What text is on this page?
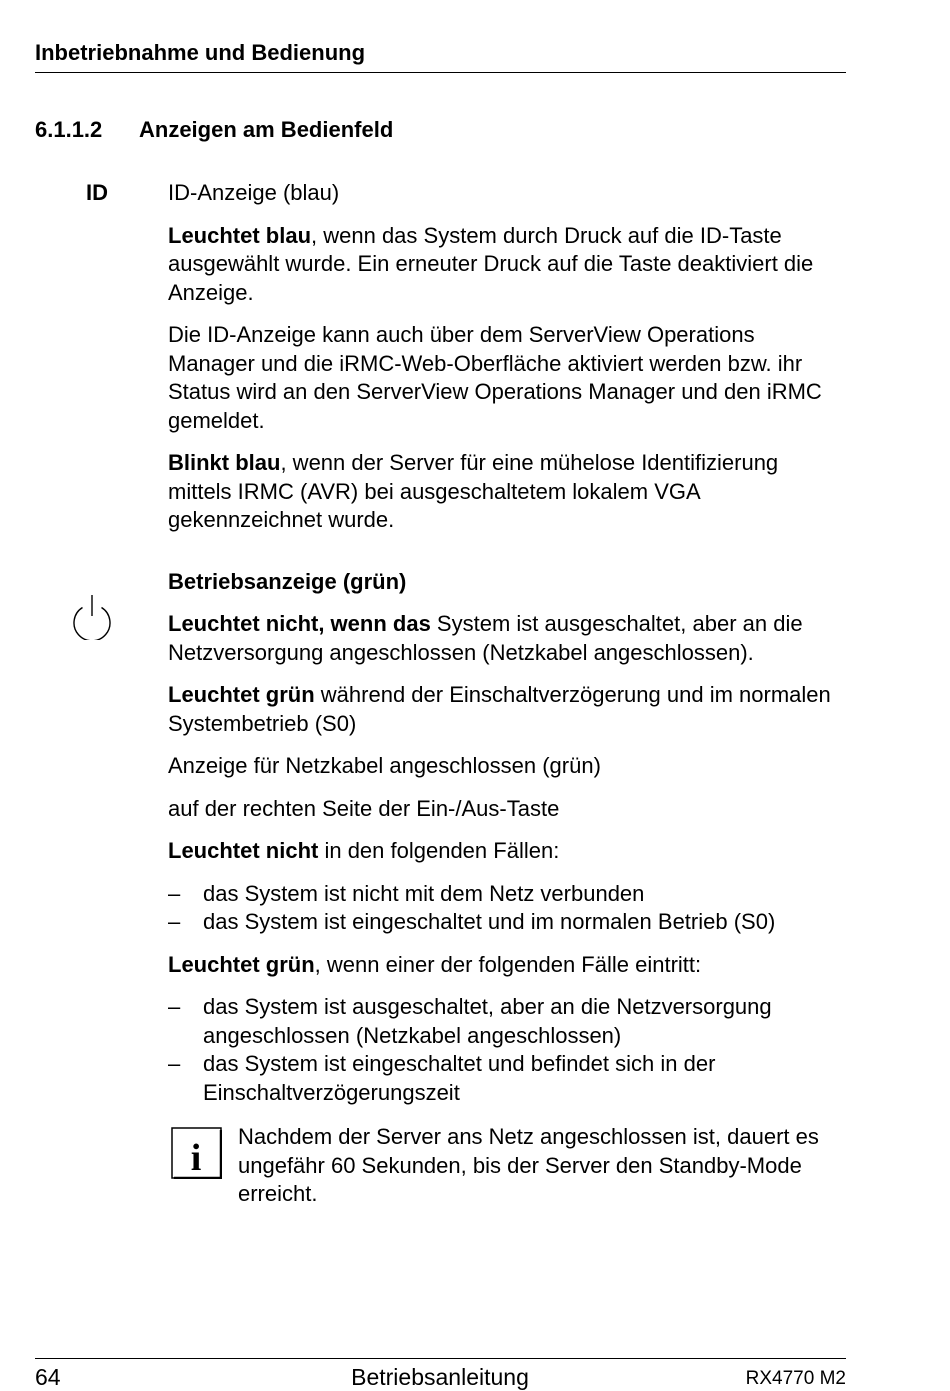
Inbetriebnahme und Bedienung
6.1.1.2 Anzeigen am Bedienfeld
ID	ID-Anzeige (blau)

Leuchtet blau, wenn das System durch Druck auf die ID-Taste ausgewählt wurde. Ein erneuter Druck auf die Taste deaktiviert die Anzeige.

Die ID-Anzeige kann auch über dem ServerView Operations Manager und die iRMC-Web-Oberfläche aktiviert werden bzw. ihr Status wird an den ServerView Operations Manager und den iRMC gemeldet.

Blinkt blau, wenn der Server für eine mühelose Identifizierung mittels IRMC (AVR) bei ausgeschaltetem lokalem VGA gekennzeichnet wurde.

Betriebsanzeige (grün)

Leuchtet nicht, wenn das System ist ausgeschaltet, aber an die Netzversorgung angeschlossen (Netzkabel angeschlossen).

Leuchtet grün während der Einschaltverzögerung und im normalen Systembetrieb (S0)

Anzeige für Netzkabel angeschlossen (grün)

auf der rechten Seite der Ein-/Aus-Taste

Leuchtet nicht in den folgenden Fällen:

– das System ist nicht mit dem Netz verbunden
– das System ist eingeschaltet und im normalen Betrieb (S0)

Leuchtet grün, wenn einer der folgenden Fälle eintritt:

– das System ist ausgeschaltet, aber an die Netzversorgung angeschlossen (Netzkabel angeschlossen)
– das System ist eingeschaltet und befindet sich in der Einschaltverzögerungszeit
i
Nachdem der Server ans Netz angeschlossen ist, dauert es ungefähr 60 Sekunden, bis der Server den Standby-Mode erreicht.
64	Betriebsanleitung	RX4770 M2
